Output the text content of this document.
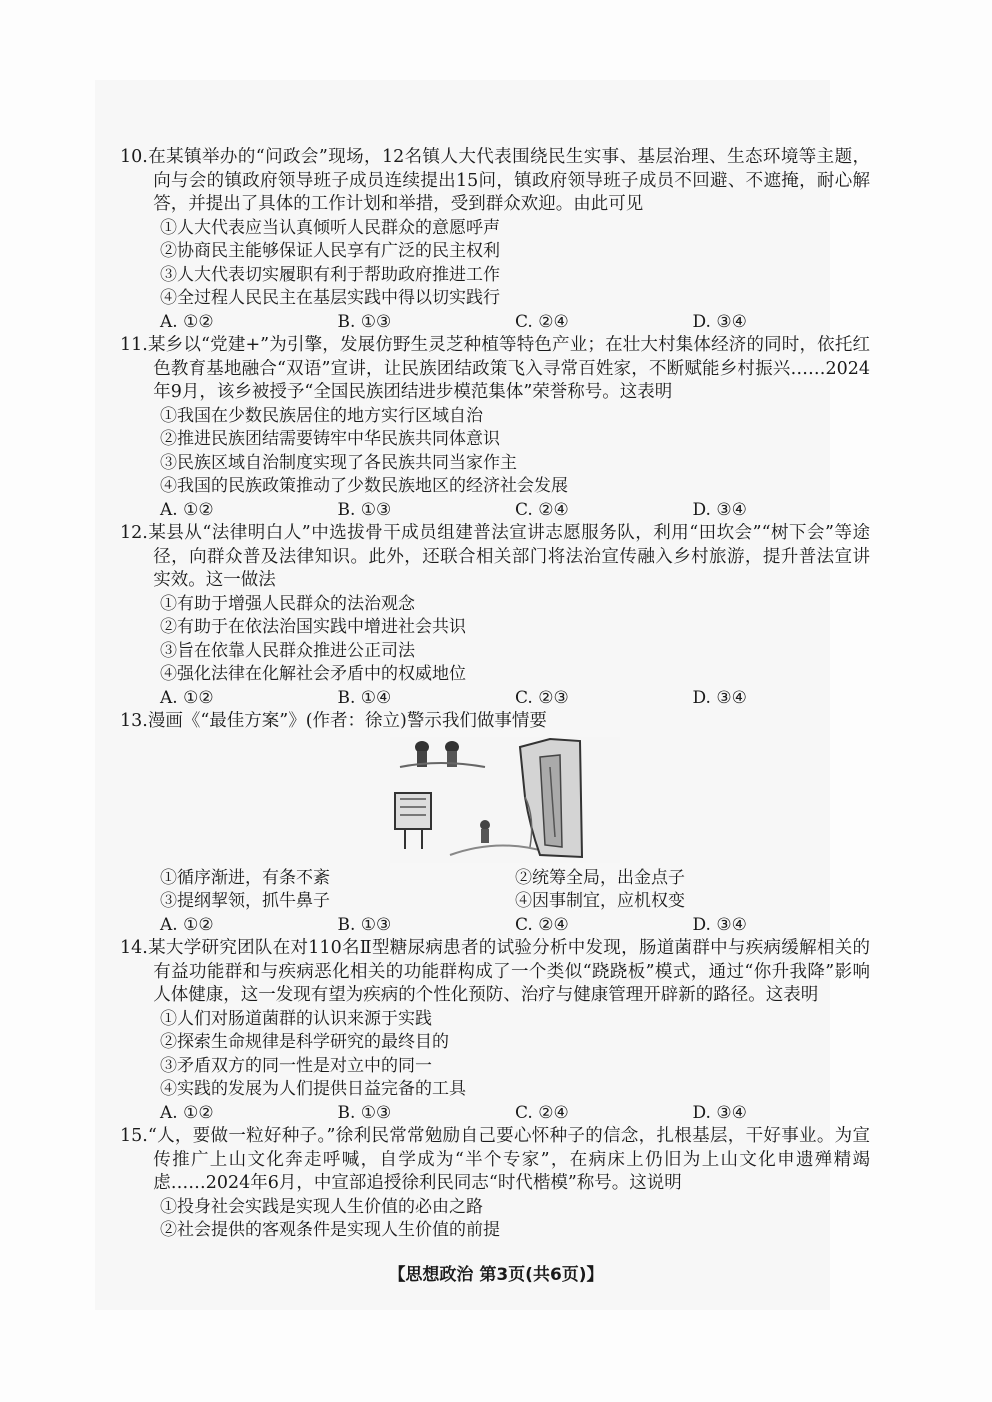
10.在某镇举办的“问政会”现场，12名镇人大代表围绕民生实事、基层治理、生态环境等主题，向与会的镇政府领导班子成员连续提出15问，镇政府领导班子成员不回避、不遮掩，耐心解答，并提出了具体的工作计划和举措，受到群众欢迎。由此可见

①人大代表应当认真倾听人民群众的意愿呼声

②协商民主能够保证人民享有广泛的民主权利

③人大代表切实履职有利于帮助政府推进工作

④全过程人民民主在基层实践中得以切实践行

A. ①②	B. ①③	C. ②④	D. ③④

11.某乡以“党建+”为引擎，发展仿野生灵芝种植等特色产业；在壮大村集体经济的同时，依托红色教育基地融合“双语”宣讲，让民族团结政策飞入寻常百姓家，不断赋能乡村振兴……2024年9月，该乡被授予“全国民族团结进步模范集体”荣誉称号。这表明

①我国在少数民族居住的地方实行区域自治

②推进民族团结需要铸牢中华民族共同体意识

③民族区域自治制度实现了各民族共同当家作主

④我国的民族政策推动了少数民族地区的经济社会发展

A. ①②	B. ①③	C. ②④	D. ③④

12.某县从“法律明白人”中选拔骨干成员组建普法宣讲志愿服务队，利用“田坎会”“树下会”等途径，向群众普及法律知识。此外，还联合相关部门将法治宣传融入乡村旅游，提升普法宣讲实效。这一做法

①有助于增强人民群众的法治观念

②有助于在依法治国实践中增进社会共识

③旨在依靠人民群众推进公正司法

④强化法律在化解社会矛盾中的权威地位

A. ①②	B. ①④	C. ②③	D. ③④

13.漫画《“最佳方案”》(作者：徐立)警示我们做事情要

①循序渐进，有条不紊	②统筹全局，出金点子
③提纲挈领，抓牛鼻子	④因事制宜，应机权变
A. ①②	B. ①③	C. ②④	D. ③④

14.某大学研究团队在对110名Ⅱ型糖尿病患者的试验分析中发现，肠道菌群中与疾病缓解相关的有益功能群和与疾病恶化相关的功能群构成了一个类似“跷跷板”模式，通过“你升我降”影响人体健康，这一发现有望为疾病的个性化预防、治疗与健康管理开辟新的路径。这表明

①人们对肠道菌群的认识来源于实践

②探索生命规律是科学研究的最终目的

③矛盾双方的同一性是对立中的同一

④实践的发展为人们提供日益完备的工具

A. ①②	B. ①③	C. ②④	D. ③④

15.“人，要做一粒好种子。”徐利民常常勉励自己要心怀种子的信念，扎根基层，干好事业。为宣传推广上山文化奔走呼喊，自学成为“半个专家”，在病床上仍旧为上山文化申遗殚精竭虑……2024年6月，中宣部追授徐利民同志“时代楷模”称号。这说明

①投身社会实践是实现人生价值的必由之路

②社会提供的客观条件是实现人生价值的前提

【思想政治 第3页(共6页)】
